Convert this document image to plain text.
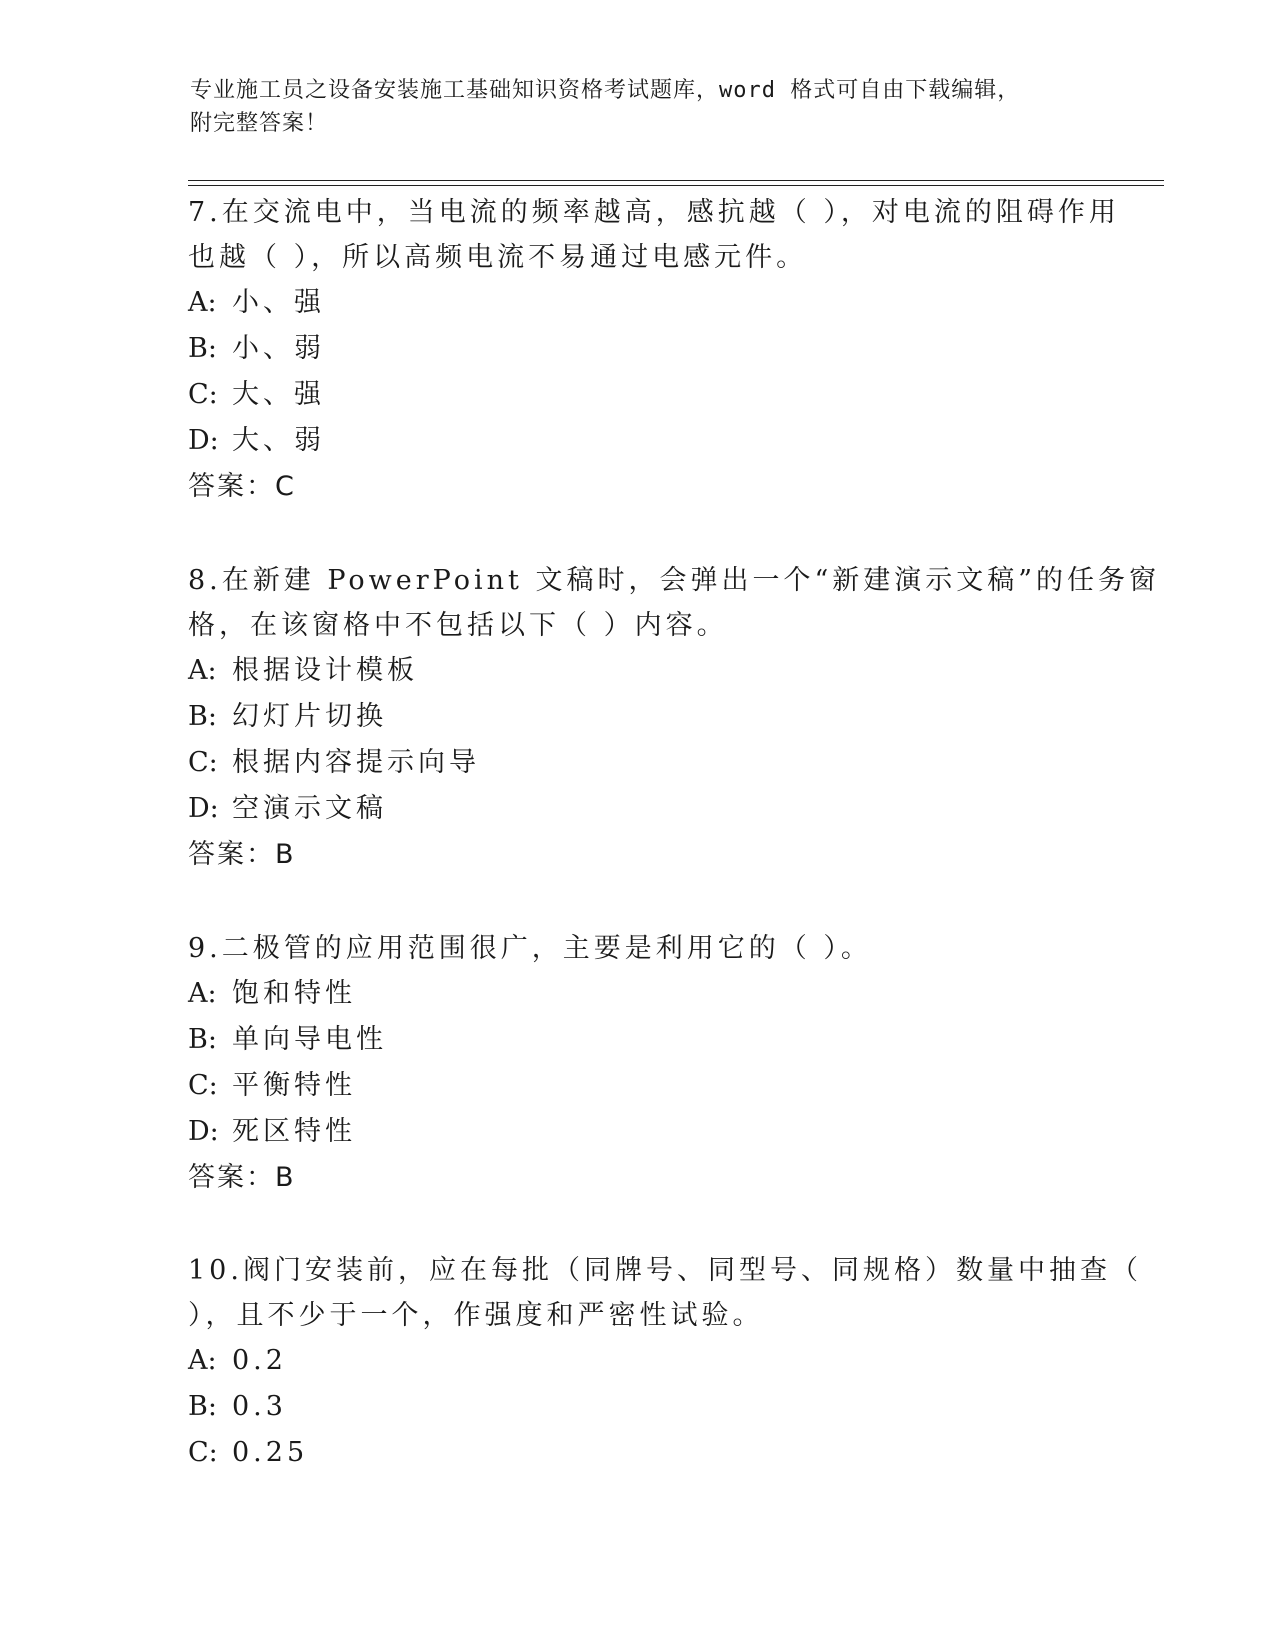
专业施工员之设备安装施工基础知识资格考试题库，word 格式可自由下载编辑，
附完整答案！
7.在交流电中，当电流的频率越高，感抗越（ ），对电流的阻碍作用
也越（ ），所以高频电流不易通过电感元件。
A: 小、强
B: 小、弱
C: 大、强
D: 大、弱
答案：C
8.在新建 PowerPoint 文稿时，会弹出一个“新建演示文稿”的任务窗
格，在该窗格中不包括以下（ ）内容。
A: 根据设计模板
B: 幻灯片切换
C: 根据内容提示向导
D: 空演示文稿
答案：B
9.二极管的应用范围很广，主要是利用它的（ ）。
A: 饱和特性
B: 单向导电性
C: 平衡特性
D: 死区特性
答案：B
10.阀门安装前，应在每批（同牌号、同型号、同规格）数量中抽查（
），且不少于一个，作强度和严密性试验。
A: 0.2
B: 0.3
C: 0.25
